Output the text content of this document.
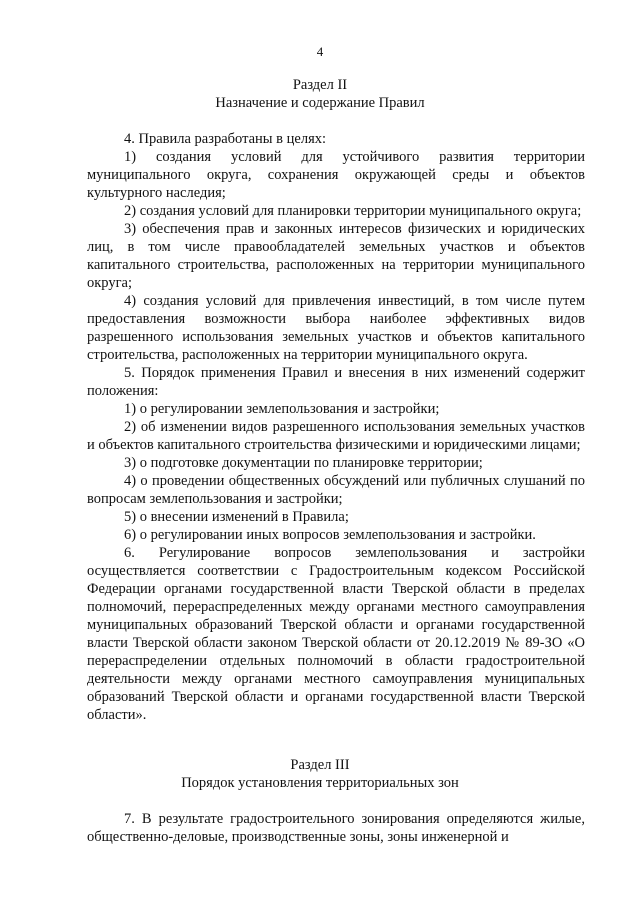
4
Раздел II
Назначение и содержание Правил

4. Правила разработаны в целях:

1) создания условий для устойчивого развития территории муниципального округа, сохранения окружающей среды и объектов культурного наследия;

2) создания условий для планировки территории муниципального округа;

3) обеспечения прав и законных интересов физических и юридических лиц, в том числе правообладателей земельных участков и объектов капитального строительства, расположенных на территории муниципального округа;

4) создания условий для привлечения инвестиций, в том числе путем предоставления возможности выбора наиболее эффективных видов разрешенного использования земельных участков и объектов капитального строительства, расположенных на территории муниципального округа.

5. Порядок применения Правил и внесения в них изменений содержит положения:

1) о регулировании землепользования и застройки;

2) об изменении видов разрешенного использования земельных участков и объектов капитального строительства физическими и юридическими лицами;

3) о подготовке документации по планировке территории;

4) о проведении общественных обсуждений или публичных слушаний по вопросам землепользования и застройки;

5) о внесении изменений в Правила;

6) о регулировании иных вопросов землепользования и застройки.

6. Регулирование вопросов землепользования и застройки осуществляется соответствии с Градостроительным кодексом Российской Федерации органами государственной власти Тверской области в пределах полномочий, перераспределенных между органами местного самоуправления муниципальных образований Тверской области и органами государственной власти Тверской области законом Тверской области от 20.12.2019 № 89-ЗО «О перераспределении отдельных полномочий в области градостроительной деятельности между органами местного самоуправления муниципальных образований Тверской области и органами государственной власти Тверской области».

Раздел III
Порядок установления территориальных зон

7. В результате градостроительного зонирования определяются жилые, общественно-деловые, производственные зоны, зоны инженерной и
